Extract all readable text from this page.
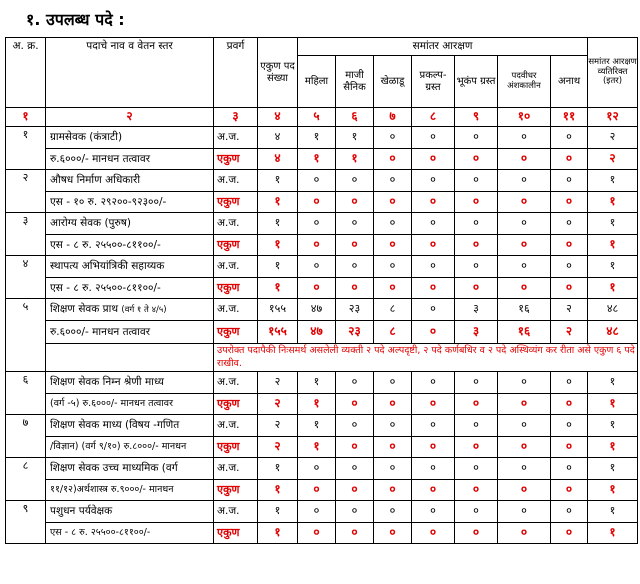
१. उपलब्ध पदे :
अ. क्र.	पदाचे नाव व वेतन स्तर	प्रवर्ग	एकुण पद संख्या	समांतर आरक्षण							समांतर आरक्षण व्यतिरिक्त (इतर)
				महिला	माजी सैनिक	खेळाडू	प्रकल्प-ग्रस्त	भूकंप ग्रस्त	पदवीधर अंशकालीन	अनाथ	
१	२	३	४	५	६	७	८	९	१०	११	१२
१	ग्रामसेवक (कंत्राटी)	अ.ज.	४	१	१	०	०	०	०	०	२
	रु.६०००/- मानधन तत्वावर	एकुण	४	१	१	०	०	०	०	०	२
२	औषध निर्माण अधिकारी	अ.ज.	१	०	०	०	०	०	०	०	१
	एस - १० रु. २९२००-९२३००/-	एकुण	१	०	०	०	०	०	०	०	१
३	आरोग्य सेवक (पुरुष)	अ.ज.	१	०	०	०	०	०	०	०	१
	एस - ८ रु. २५५००-८११००/-	एकुण	१	०	०	०	०	०	०	०	१
४	स्थापत्य अभियांत्रिकी सहाय्यक	अ.ज.	१	०	०	०	०	०	०	०	१
	एस - ८ रु. २५५००-८११००/-	एकुण	१	०	०	०	०	०	०	०	१
५	शिक्षण सेवक प्राथ (वर्ग १ ते ४/५)	अ.ज.	१५५	४७	२३	८	०	३	१६	२	४८
	रु.६०००/- मानधन तत्वावर	एकुण	१५५	४७	२३	८	०	३	१६	२	४८
		उपरोक्त पदापैकी निःसमर्थ असलेली व्यक्ती २ पदे अल्पदृष्टी, २ पदे कर्णबधिर व २ पदे अस्थिव्यंग कर रीता असे एकुण ६ पदे राखीव.									
६	शिक्षण सेवक निम्न श्रेणी माध्य	अ.ज.	२	१	०	०	०	०	०	०	१
	(वर्ग -५) रु.६०००/- मानधन तत्वावर	एकुण	२	१	०	०	०	०	०	०	१
७	शिक्षण सेवक माध्य (विषय -गणित	अ.ज.	२	१	०	०	०	०	०	०	१
	/विज्ञान) (वर्ग ९/१०) रु.८०००/- मानधन	एकुण	२	१	०	०	०	०	०	०	१
८	शिक्षण सेवक उच्च माध्यमिक (वर्ग	अ.ज.	१	०	०	०	०	०	०	०	१
	११/१२)अर्थशास्त्र रु.९०००/- मानधन	एकुण	१	०	०	०	०	०	०	०	१
९	पशुधन पर्यवेक्षक	अ.ज.	१	०	०	०	०	०	०	०	१
	एस - ८ रु. २५५००-८११००/-	एकुण	१	०	०	०	०	०	०	०	१
